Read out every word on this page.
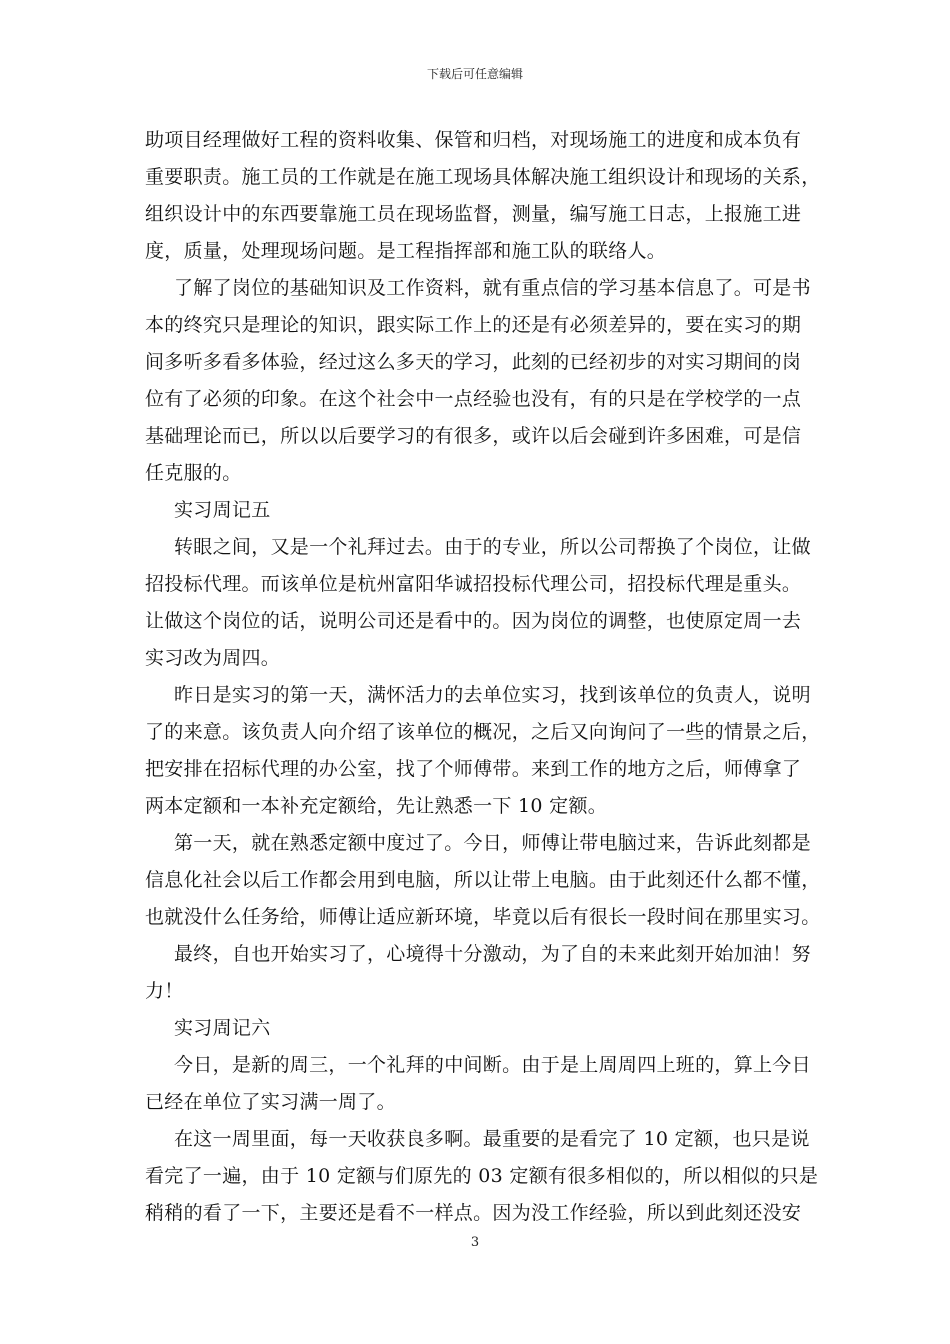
下载后可任意编辑
助项目经理做好工程的资料收集、保管和归档，对现场施工的进度和成本负有
重要职责。施工员的工作就是在施工现场具体解决施工组织设计和现场的关系，
组织设计中的东西要靠施工员在现场监督，测量，编写施工日志，上报施工进
度，质量，处理现场问题。是工程指挥部和施工队的联络人。
了解了岗位的基础知识及工作资料，就有重点信的学习基本信息了。可是书
本的终究只是理论的知识，跟实际工作上的还是有必须差异的，要在实习的期
间多听多看多体验，经过这么多天的学习，此刻的已经初步的对实习期间的岗
位有了必须的印象。在这个社会中一点经验也没有，有的只是在学校学的一点
基础理论而已，所以以后要学习的有很多，或许以后会碰到许多困难，可是信
任克服的。
实习周记五
转眼之间，又是一个礼拜过去。由于的专业，所以公司帮换了个岗位，让做
招投标代理。而该单位是杭州富阳华诚招投标代理公司，招投标代理是重头。
让做这个岗位的话，说明公司还是看中的。因为岗位的调整，也使原定周一去
实习改为周四。
昨日是实习的第一天，满怀活力的去单位实习，找到该单位的负责人，说明
了的来意。该负责人向介绍了该单位的概况，之后又向询问了一些的情景之后，
把安排在招标代理的办公室，找了个师傅带。来到工作的地方之后，师傅拿了
两本定额和一本补充定额给，先让熟悉一下 10 定额。
第一天，就在熟悉定额中度过了。今日，师傅让带电脑过来，告诉此刻都是
信息化社会以后工作都会用到电脑，所以让带上电脑。由于此刻还什么都不懂，
也就没什么任务给，师傅让适应新环境，毕竟以后有很长一段时间在那里实习。
最终，自也开始实习了，心境得十分激动，为了自的未来此刻开始加油！努
力！
实习周记六
今日，是新的周三，一个礼拜的中间断。由于是上周周四上班的，算上今日
已经在单位了实习满一周了。
在这一周里面，每一天收获良多啊。最重要的是看完了 10 定额，也只是说
看完了一遍，由于 10 定额与们原先的 03 定额有很多相似的，所以相似的只是
稍稍的看了一下，主要还是看不一样点。因为没工作经验，所以到此刻还没安
3
